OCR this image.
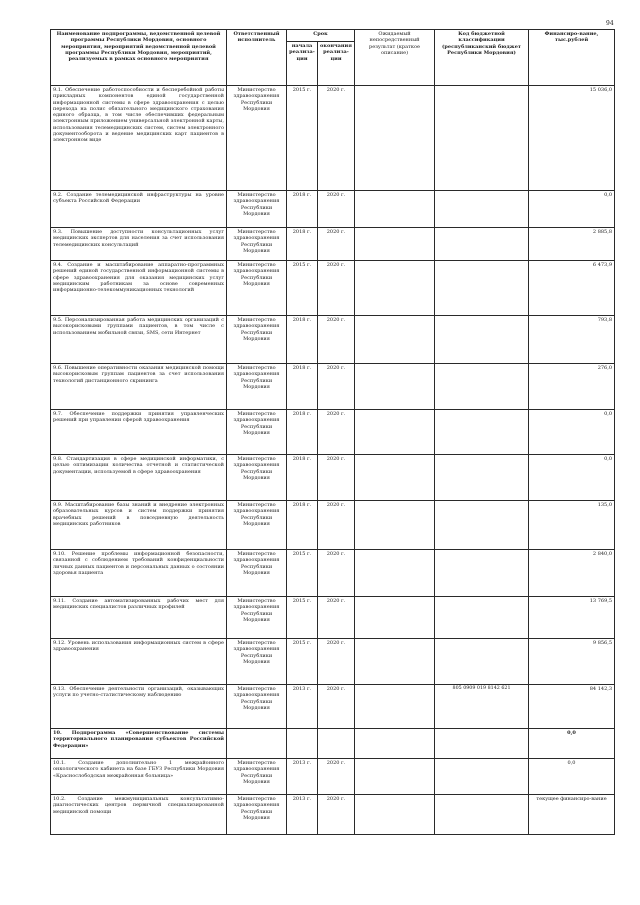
94
Наименование подпрограммы, ведомственной целевой программы Республики Мордовия, основного мероприятия, мероприятий ведомственной целевой программы Республики Мордовия, мероприятий, реализуемых в рамках основного мероприятия	Ответственный исполнитель	Срок		Ожидаемый непосредственный результат (краткое описание)	Код бюджетной классификации (республиканский бюджет Республики Мордовия)	Финансиро-вание, тыс.рублей
		начала реализа-ции	окончания реализа-ции			
9.1. Обеспечение работоспособности и бесперебойной работы прикладных компонентов единой государственной информационной системы в сфере здравоохранения с целью перехода на полис обязательного медицинского страхования единого образца, в том числе обеспечивших федеральным электронным приложением универсальной электронной карты, использования телемедицинских систем, систем электронного документооборота и ведение медицинских карт пациентов в электронном виде	Министерство здравоохранения Республики Мордовия	2015 г.	2020 г.			15 036,0
9.2. Создание телемедицинской инфраструктуры на уровне субъекта Российской Федерации	Министерство здравоохранения Республики Мордовия	2018 г.	2020 г.			0,0
9.3. Повышение доступности консультационных услуг медицинских экспертов для населения за счет использования телемедицинских консультаций	Министерство здравоохранения Республики Мордовия	2018 г.	2020 г.			2 885,8
9.4. Создание и масштабирование аппаратно-программных решений единой государственной информационной системы в сфере здравоохранения для оказания медицинских услуг медицинским работникам за основе современных информационно-телекоммуникационных технологий	Министерство здравоохранения Республики Мордовия	2015 г.	2020 г.			6 473,9
9.5. Персонализированная работа медицинских организаций с высокорисковыми группами пациентов, в том числе с использованием мобильной связи, SMS, сети Интернет	Министерство здравоохранения Республики Мордовия	2018 г.	2020 г.			793,8
9.6. Повышение оперативности оказания медицинской помощи высокорисковым группам пациентов за счет использования технологий дистанционного скрининга	Министерство здравоохранения Республики Мордовия	2018 г.	2020 г.			276,0
9.7. Обеспечение поддержки принятия управленческих решений при управлении сферой здравоохранения	Министерство здравоохранения Республики Мордовия	2018 г.	2020 г.			0,0
9.8. Стандартизация в сфере медицинской информатики, с целью оптимизации количества отчетной и статистической документации, используемой в сфере здравоохранения	Министерство здравоохранения Республики Мордовия	2018 г.	2020 г.			0,0
9.9. Масштабирование базы знаний и внедрение электронных образовательных курсов и систем поддержки принятия врачебных решений в повседневную деятельность медицинских работников	Министерство здравоохранения Республики Мордовия	2018 г.	2020 г.			135,0
9.10. Решение проблемы информационной безопасности, связанной с соблюдением требований конфиденциальности личных данных пациентов и персональных данных о состоянии здоровья пациента	Министерство здравоохранения Республики Мордовия	2015 г.	2020 г.			2 840,0
9.11. Создание автоматизированных рабочих мест для медицинских специалистов различных профилей	Министерство здравоохранения Республики Мордовия	2015 г.	2020 г.			13 769,5
9.12. Уровень использования информационных систем в сфере здравоохранения	Министерство здравоохранения Республики Мордовия	2015 г.	2020 г.			9 856,5
9.13. Обеспечение деятельности организаций, оказывающих услуги по учетно-статистическому наблюдению	Министерство здравоохранения Республики Мордовия	2013 г.	2020 г.		805 0909 019 8142 621	84 142,3
10. Подпрограмма «Совершенствование системы территориального планирования субъектов Российской Федерации»						0,0
10.1. Создание дополнительно 1 межрайонного онкологического кабинета на базе ГБУЗ Республики Мордовия «Краснослободская межрайонная больница»	Министерство здравоохранения Республики Мордовия	2013 г.	2020 г.			0,0
10.2. Создание межмуниципальных консультативно-диагностических центров первичной специализированной медицинской помощи	Министерство здравоохранения Республики Мордовия	2013 г.	2020 г.			текущее финансиро-вание
